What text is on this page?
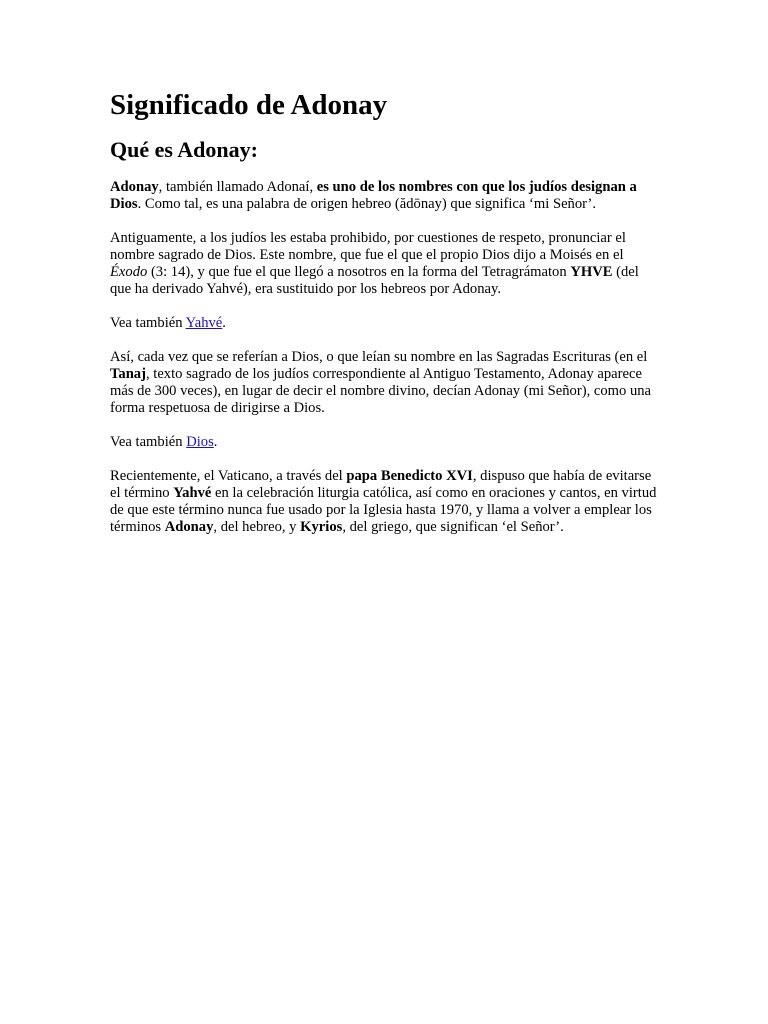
Significado de Adonay
Qué es Adonay:

Adonay, también llamado Adonaí, es uno de los nombres con que los judíos designan a Dios. Como tal, es una palabra de origen hebreo (ădōnay) que significa ‘mi Señor’.

Antiguamente, a los judíos les estaba prohibido, por cuestiones de respeto, pronunciar el nombre sagrado de Dios. Este nombre, que fue el que el propio Dios dijo a Moisés en el Éxodo (3: 14), y que fue el que llegó a nosotros en la forma del Tetragrámaton YHVE (del que ha derivado Yahvé), era sustituido por los hebreos por Adonay.

Vea también Yahvé.

Así, cada vez que se referían a Dios, o que leían su nombre en las Sagradas Escrituras (en el Tanaj, texto sagrado de los judíos correspondiente al Antiguo Testamento, Adonay aparece más de 300 veces), en lugar de decir el nombre divino, decían Adonay (mi Señor), como una forma respetuosa de dirigirse a Dios.

Vea también Dios.

Recientemente, el Vaticano, a través del papa Benedicto XVI, dispuso que había de evitarse el término Yahvé en la celebración liturgia católica, así como en oraciones y cantos, en virtud de que este término nunca fue usado por la Iglesia hasta 1970, y llama a volver a emplear los términos Adonay, del hebreo, y Kyrios, del griego, que significan ‘el Señor’.
